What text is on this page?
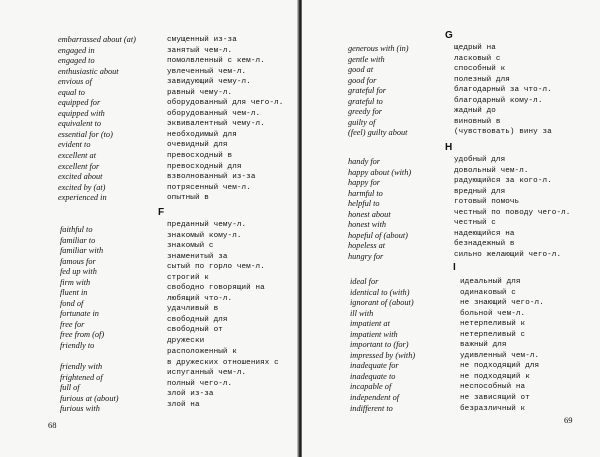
embarrassed about (at)
engaged in
engaged to
enthusiastic about
envious of
equal to
equipped for
equipped with
equivalent to
essential for (to)
evident to
excellent at
excellent for
excited about
excited by (at)
experienced in
смущенный из-за
занятый чем-л.
помолвленный с кем-л.
увлеченный чем-л.
завидующий чему-л.
равный чему-л.
оборудованный для чего-л.
оборудованный чем-л.
эквивалентный чему-л.
необходимый для
очевидный для
превосходный в
превосходный для
взволнованный из-за
потрясенный чем-л.
опытный в
F
faithful to
familiar to
familiar with
famous for
fed up with
firm with
fluent in
fond of
fortunate in
free for
free from (of)
friendly to
преданный чему-л.
знакомый кому-л.
знакомый с
знаменитый за
сытый по горло чем-л.
строгий к
свободно говорящий на
любящий что-л.
удачливый в
свободный для
свободный от
дружески
friendly with
frightened of
full of
furious at (about)
furious with
расположенный к
в дружеских отношениях с
испуганный чем-л.
полный чего-л.
злой из-за
злой на
68
G
generous with (in)
gentle with
good at
good for
grateful for
grateful to
greedy for
guilty of
(feel) guilty about
щедрый на
ласковый с
способный к
полезный для
благодарный за что-л.
благодарный кому-л.
жадный до
виновный в
(чувствовать) вину за
H
handy for
happy about (with)
happy for
harmful to
helpful to
honest about
honest with
hopeful of (about)
hopeless at
hungry for
удобный для
довольный чем-л.
радующийся за кого-л.
вредный для
готовый помочь
честный по поводу чего-л.
честный с
надеющийся на
безнадежный в
сильно желающий чего-л.
I
ideal for
identical to (with)
ignorant of (about)
ill with
impatient at
impatient with
important to (for)
impressed by (with)
inadequate for
inadequate to
incapable of
independent of
indifferent to
идеальный для
одинаковый с
не знающий чего-л.
больной чем-л.
нетерпеливый к
нетерпеливый с
важный для
удивленный чем-л.
не подходящий для
не подходящий к
неспособный на
не зависящий от
безразличный к
69
